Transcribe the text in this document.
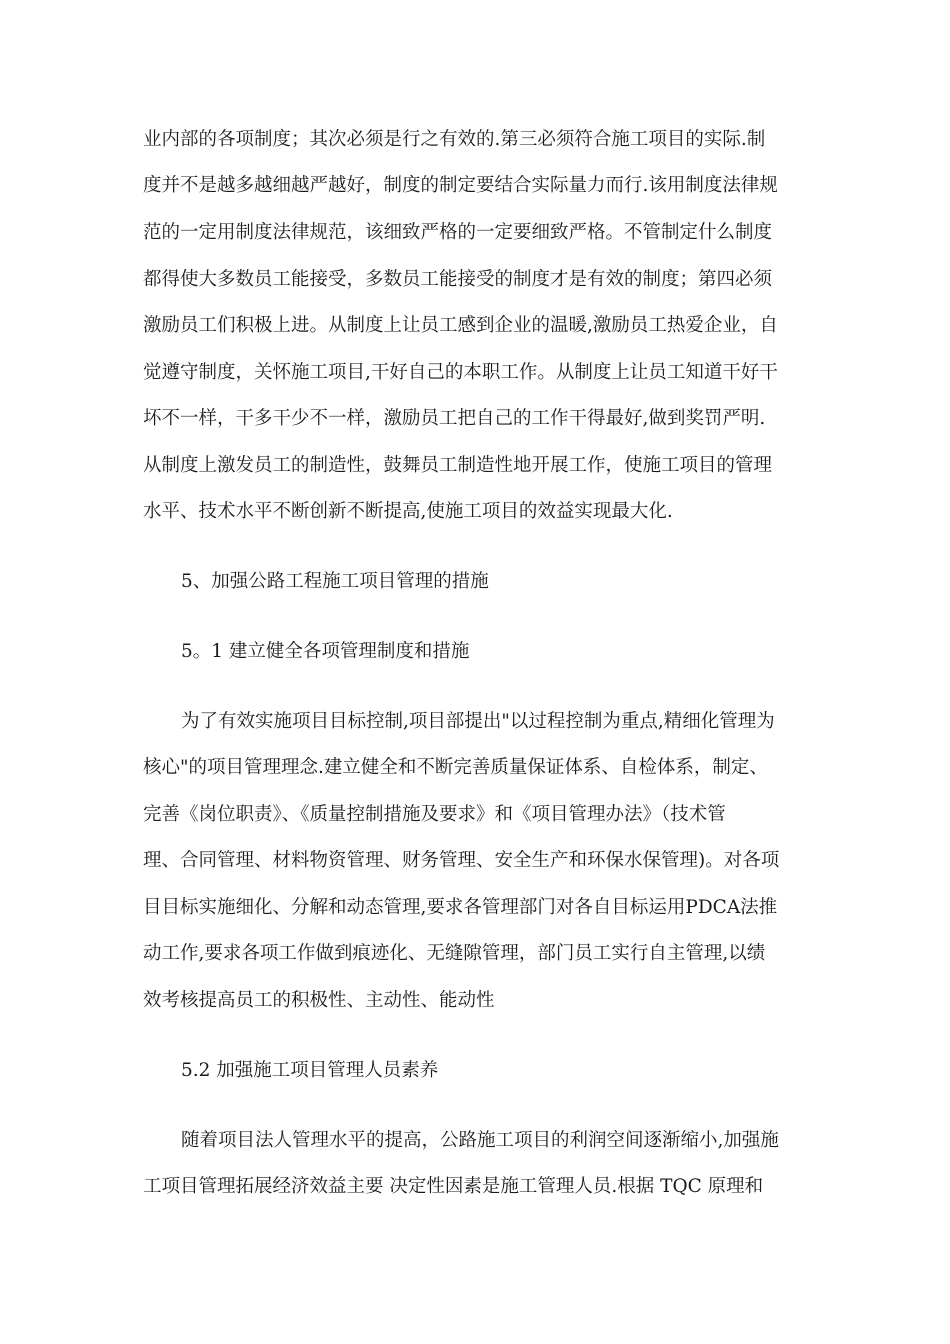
业内部的各项制度；其次必须是行之有效的.第三必须符合施工项目的实际.制
度并不是越多越细越严越好，制度的制定要结合实际量力而行.该用制度法律规
范的一定用制度法律规范，该细致严格的一定要细致严格。不管制定什么制度
都得使大多数员工能接受，多数员工能接受的制度才是有效的制度；第四必须
激励员工们积极上进。从制度上让员工感到企业的温暖,激励员工热爱企业，自
觉遵守制度，关怀施工项目,干好自己的本职工作。从制度上让员工知道干好干
坏不一样，干多干少不一样，激励员工把自己的工作干得最好,做到奖罚严明.
从制度上激发员工的制造性，鼓舞员工制造性地开展工作，使施工项目的管理
水平、技术水平不断创新不断提高,使施工项目的效益实现最大化.
5、加强公路工程施工项目管理的措施
5。1 建立健全各项管理制度和措施
为了有效实施项目目标控制,项目部提出"以过程控制为重点,精细化管理为
核心"的项目管理理念.建立健全和不断完善质量保证体系、自检体系，制定、
完善《岗位职责》、《质量控制措施及要求》和《项目管理办法》（技术管
理、合同管理、材料物资管理、财务管理、安全生产和环保水保管理)。对各项
目目标实施细化、分解和动态管理,要求各管理部门对各自目标运用PDCA法推
动工作,要求各项工作做到痕迹化、无缝隙管理，部门员工实行自主管理,以绩
效考核提高员工的积极性、主动性、能动性
5.2 加强施工项目管理人员素养
随着项目法人管理水平的提高，公路施工项目的利润空间逐渐缩小,加强施
工项目管理拓展经济效益主要 决定性因素是施工管理人员.根据 TQC 原理和
